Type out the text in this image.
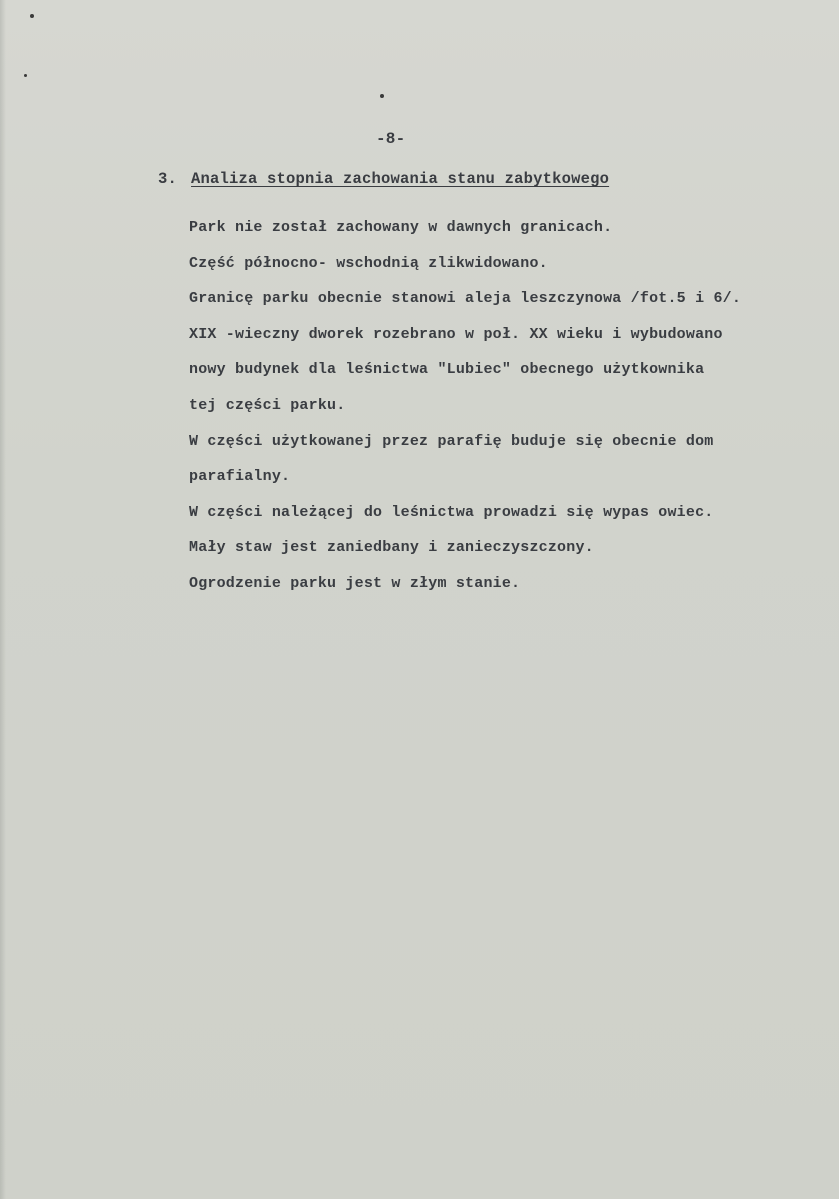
-8-
3. Analiza stopnia zachowania stanu zabytkowego
Park nie został zachowany w dawnych granicach.
Część północno- wschodnią zlikwidowano.
Granicę parku obecnie stanowi aleja leszczynowa /fot.5 i 6/.
XIX -wieczny dworek rozebrano w poł. XX wieku i wybudowano
nowy budynek dla leśnictwa "Lubiec" obecnego użytkownika
tej części parku.
W części użytkowanej przez parafię buduje się obecnie dom
parafialny.
W części należącej do leśnictwa prowadzi się wypas owiec.
Mały staw jest zaniedbany i zanieczyszczony.
Ogrodzenie parku jest w złym stanie.
